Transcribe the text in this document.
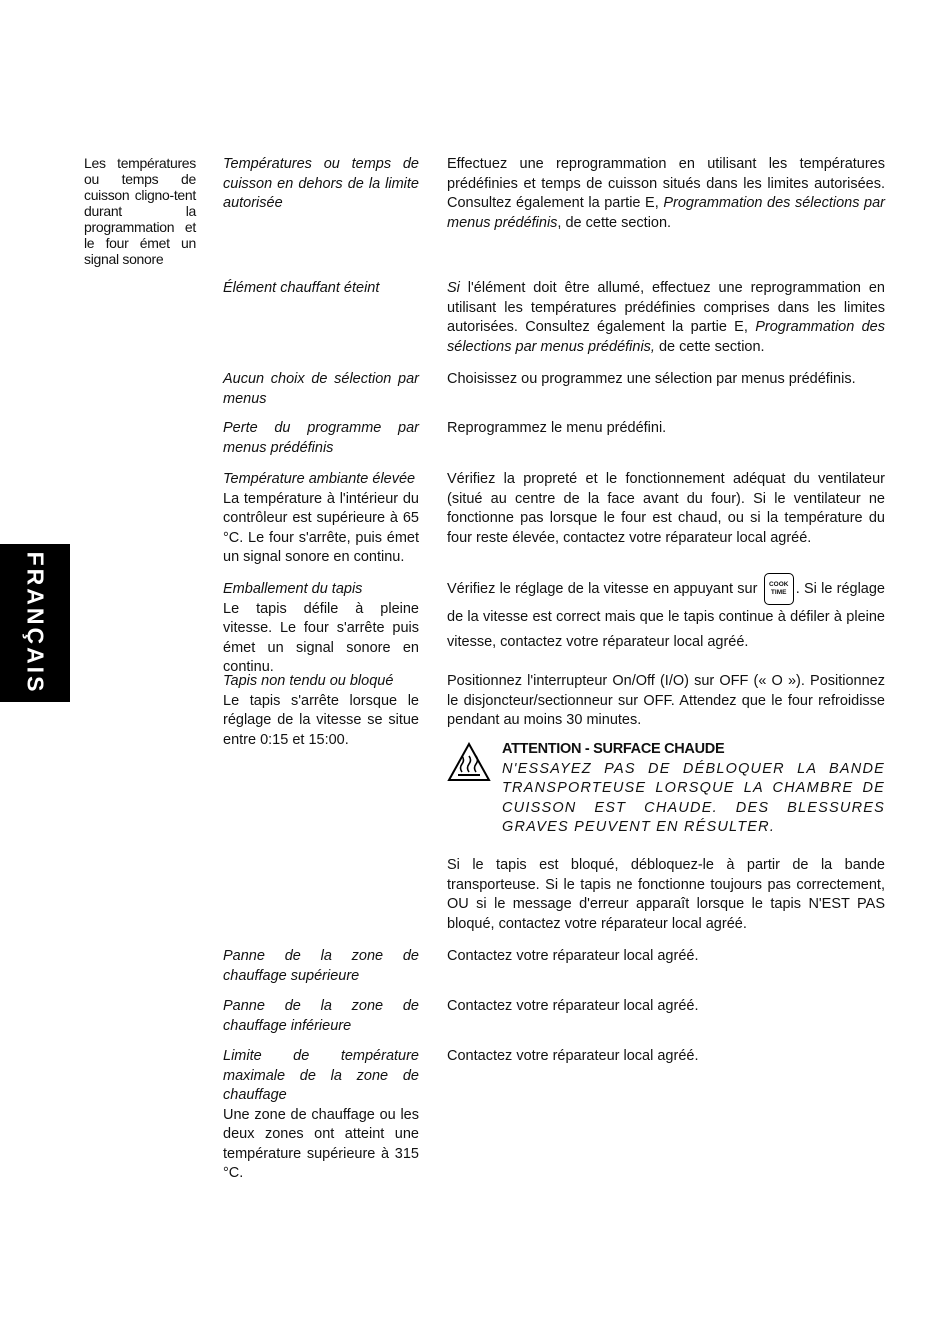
Les températures ou temps de cuisson cligno-tent durant la programmation et le four émet un signal sonore
FRANÇAIS
Températures ou temps de cuisson en dehors de la limite autorisée
Effectuez une reprogrammation en utilisant les températures prédéfinies et temps de cuisson situés dans les limites autorisées. Consultez également la partie E, Programmation des sélections par menus prédéfinis, de cette section.
Élément chauffant éteint	Si l'élément doit être allumé, effectuez une reprogrammation en utilisant les températures prédéfinies comprises dans les limites autorisées. Consultez également la partie E, Programmation des sélections par menus prédéfinis, de cette section.
Aucun choix de sélection par menus
Choisissez ou programmez une sélection par menus prédéfinis.
Perte du programme par menus prédéfinis
Reprogrammez le menu prédéfini.
Température ambiante élevée
La température à l'intérieur du contrôleur est supérieure à 65 °C. Le four s'arrête, puis émet un signal sonore en continu.
Vérifiez la propreté et le fonctionnement adéquat du ventilateur (situé au centre de la face avant du four). Si le ventilateur ne fonctionne pas lorsque le four est chaud, ou si la température du four reste élevée, contactez votre réparateur local agréé.
Emballement du tapis
Le tapis défile à pleine vitesse. Le four s'arrête puis émet un signal sonore en continu.
Vérifiez le réglage de la vitesse en appuyant sur COOK
TIME . Si le réglage de la vitesse est correct mais que le tapis continue à défiler à pleine vitesse, contactez votre réparateur local agréé.
Tapis non tendu ou bloqué
Le tapis s'arrête lorsque le réglage de la vitesse se situe entre 0:15 et 15:00.
Positionnez l'interrupteur On/Off (I/O) sur OFF (« O »). Positionnez le disjoncteur/sectionneur sur OFF. Attendez que le four refroidisse pendant au moins 30 minutes.
ATTENTION - SURFACE CHAUDE
N'ESSAYEZ PAS DE DÉBLOQUER LA BANDE TRANSPORTEUSE LORSQUE LA CHAMBRE DE CUISSON EST CHAUDE. DES BLESSURES GRAVES PEUVENT EN RÉSULTER.
Si le tapis est bloqué, débloquez-le à partir de la bande transporteuse. Si le tapis ne fonctionne toujours pas correctement, OU si le message d'erreur apparaît lorsque le tapis N'EST PAS bloqué, contactez votre réparateur local agréé.
Panne de la zone de chauffage supérieure
Contactez votre réparateur local agréé.
Panne de la zone de chauffage inférieure
Contactez votre réparateur local agréé.
Limite de température maximale de la zone de chauffage
Une zone de chauffage ou les deux zones ont atteint une température supérieure à 315 °C.
Contactez votre réparateur local agréé.
